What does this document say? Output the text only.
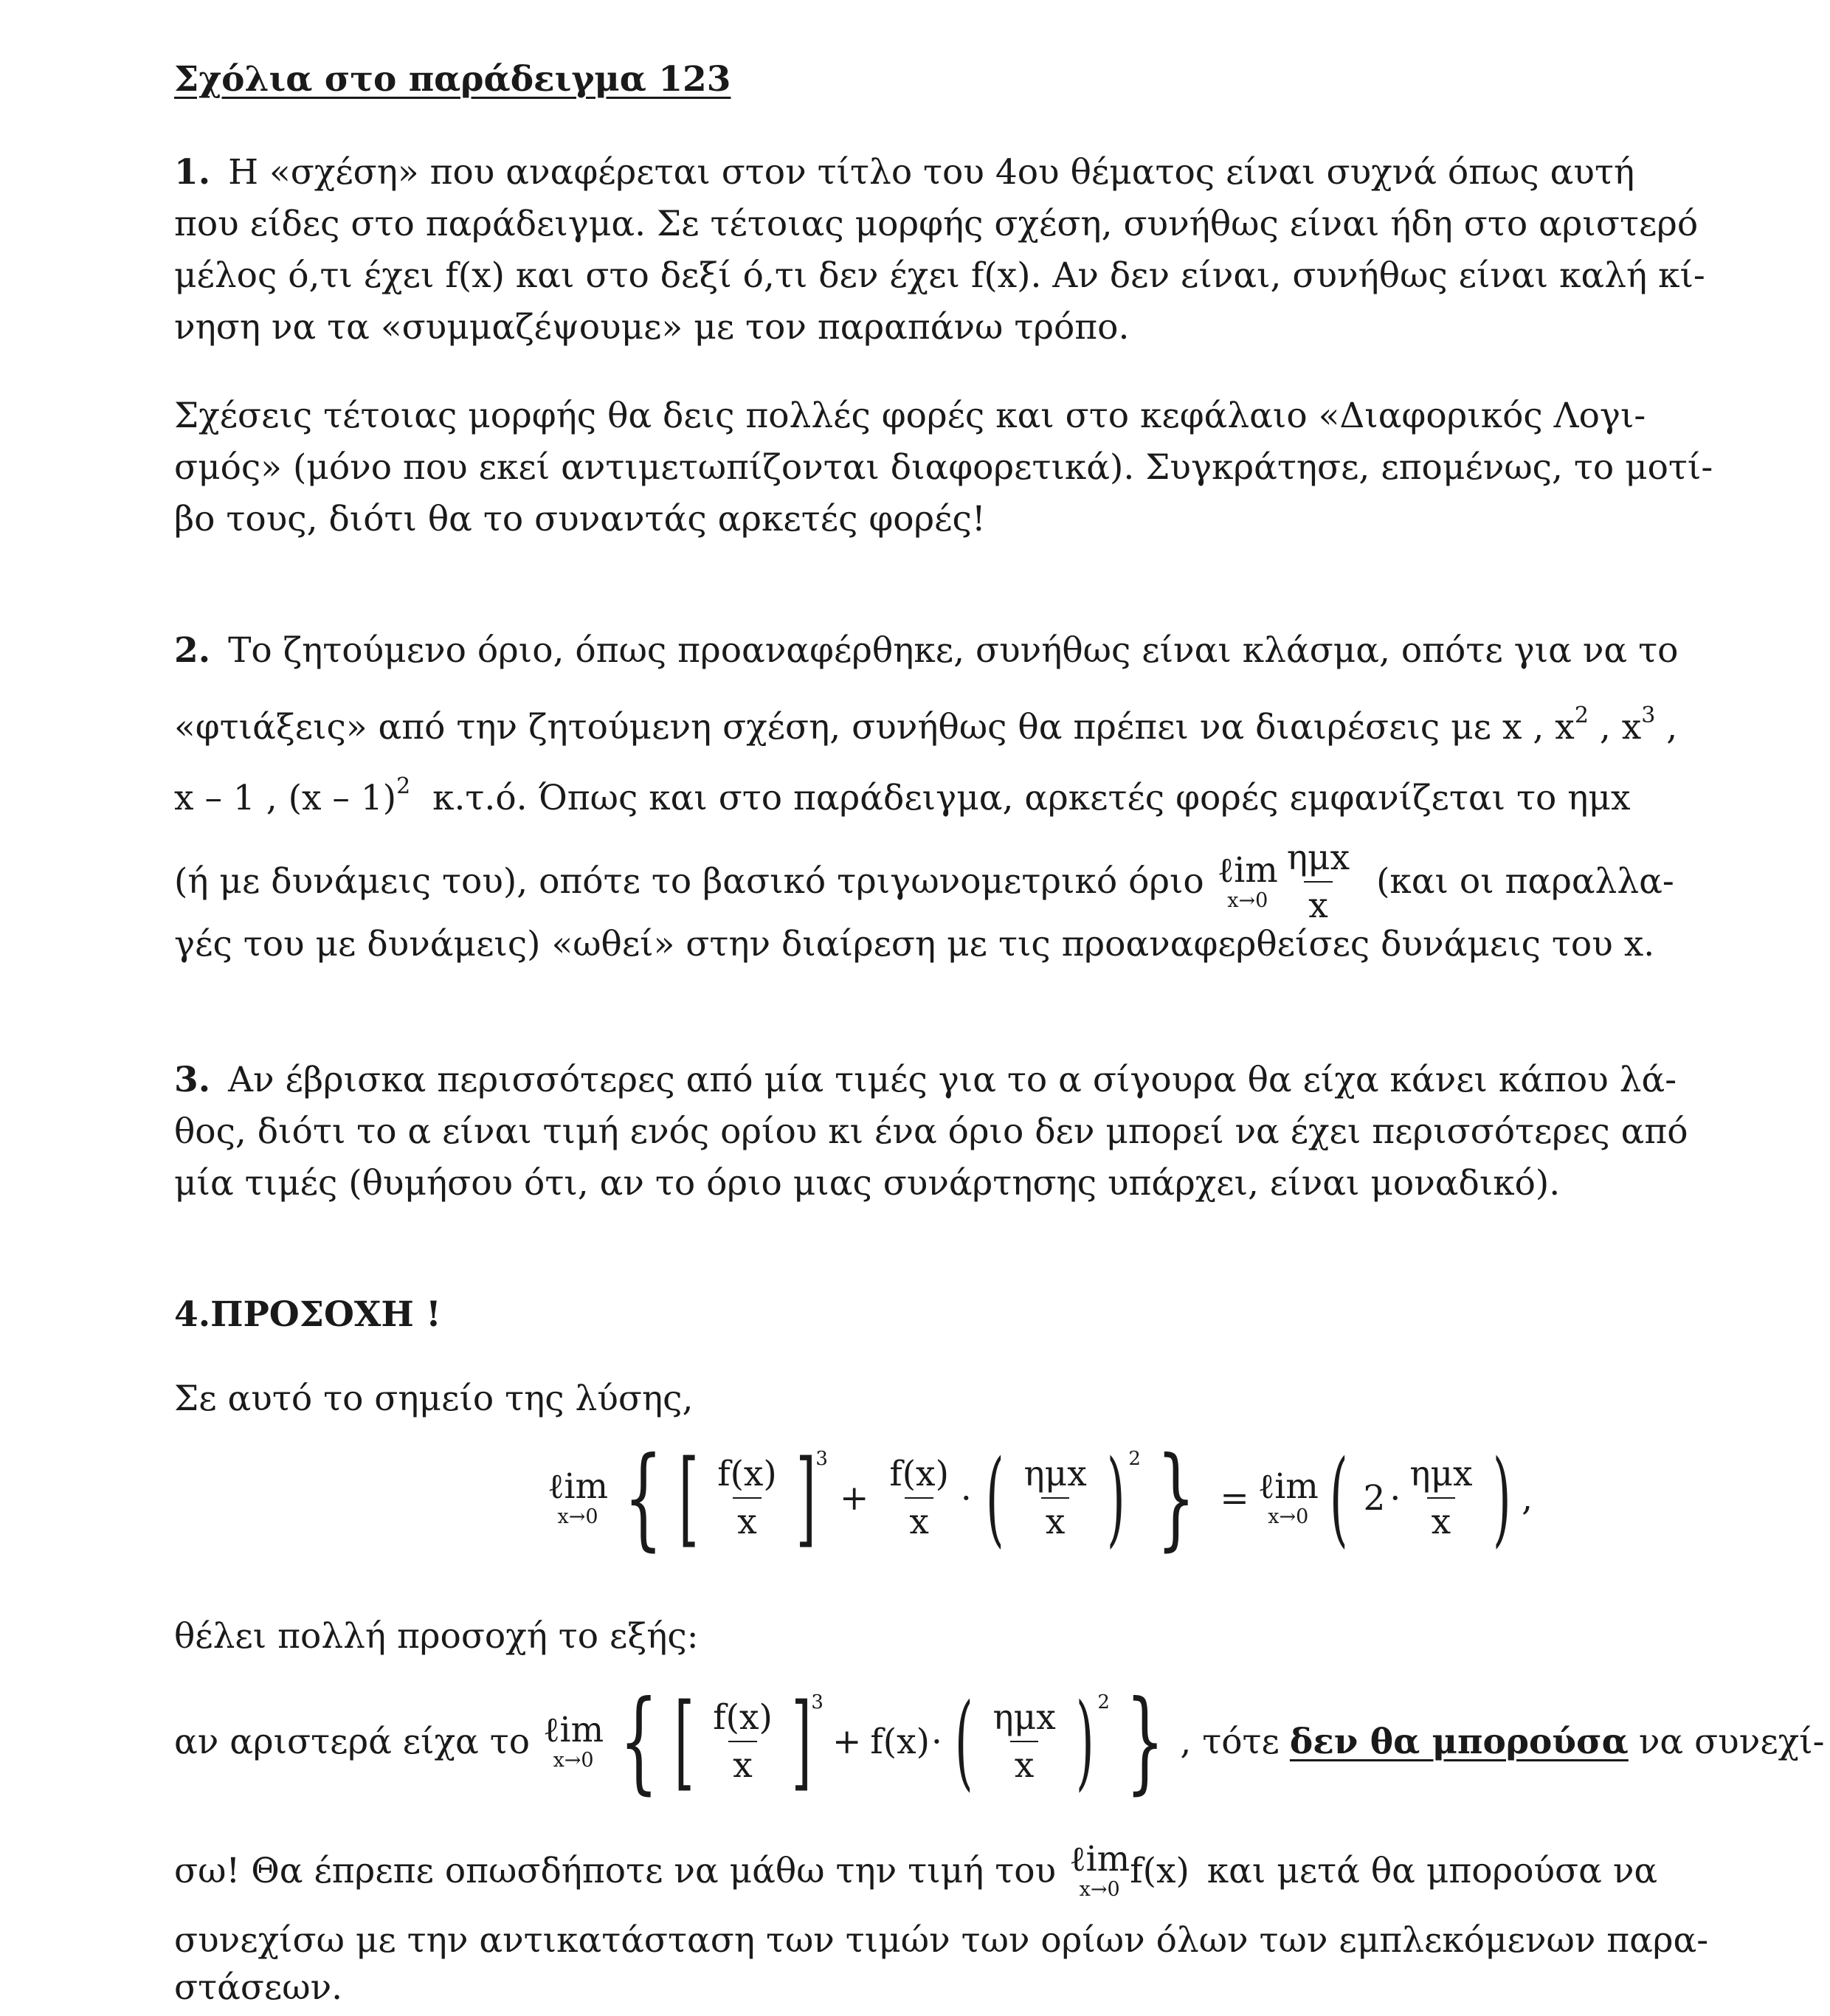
Σχόλια στο παράδειγμα 123
1. Η «σχέση» που αναφέρεται στον τίτλο του 4ου θέματος είναι συχνά όπως αυτή
που είδες στο παράδειγμα. Σε τέτοιας μορφής σχέση, συνήθως είναι ήδη στο αριστερό
μέλος ό,τι έχει f(x) και στο δεξί ό,τι δεν έχει f(x). Αν δεν είναι, συνήθως είναι καλή κί-
νηση να τα «συμμαζέψουμε» με τον παραπάνω τρόπο.
Σχέσεις τέτοιας μορφής θα δεις πολλές φορές και στο κεφάλαιο «Διαφορικός Λογι-
σμός» (μόνο που εκεί αντιμετωπίζονται διαφορετικά). Συγκράτησε, επομένως, το μοτί-
βο τους, διότι θα το συναντάς αρκετές φορές!
2. Το ζητούμενο όριο, όπως προαναφέρθηκε, συνήθως είναι κλάσμα, οπότε για να το
«φτιάξεις» από την ζητούμενη σχέση, συνήθως θα πρέπει να διαιρέσεις με x , $x^2$ , $x^3$ ,
x – 1 , (x – 1)$^2$ κ.τ.ό. Όπως και στο παράδειγμα, αρκετές φορές εμφανίζεται το ημx
(ή με δυνάμεις του), οπότε το βασικό τριγωνομετρικό όριο ℓim
$x\to 0 \frac{\text{ημx}}{x} (\kappa\alpha\iota$ οι παραλλα-
γές του με δυνάμεις) «ωθεί» στην διαίρεση με τις προαναφερθείσες δυνάμεις του x.
3. Αν έβρισκα περισσότερες από μία τιμές για το α σίγουρα θα είχα κάνει κάπου λά-
θος, διότι το α είναι τιμή ενός ορίου κι ένα όριο δεν μπορεί να έχει περισσότερες από
μία τιμές (θυμήσου ότι, αν το όριο μιας συνάρτησης υπάρχει, είναι μοναδικό).
4.ΠΡΟΣΟΧΗ !
Σε αυτό το σημείο της λύσης,
ℓim
x→0 { [ $\frac{f(x)}{x}$ ] 3
+ $\frac{f(x)}{x}$ · ( $\frac{\text{ημx}}{x}$ ) 2 } = ℓim
x→0 ( $2 \cdot \frac{\text{ημx}}{x}$ ) ,
θέλει πολλή προσοχή το εξής:
αν αριστερά είχα το ℓim
x→0 { [ $\frac{f(x)}{x}$ ] 3
+ f(x) · ( $\frac{\text{ημx}}{x}$ ) 2 } , τότε δεν θα μπορούσα να συνεχί-
σω! Θα έπρεπε οπωσδήποτε να μάθω την τιμή του ℓim
x→0 f(x) και μετά θα μπορούσα να
συνεχίσω με την αντικατάσταση των τιμών των ορίων όλων των εμπλεκόμενων παρα-
στάσεων.
